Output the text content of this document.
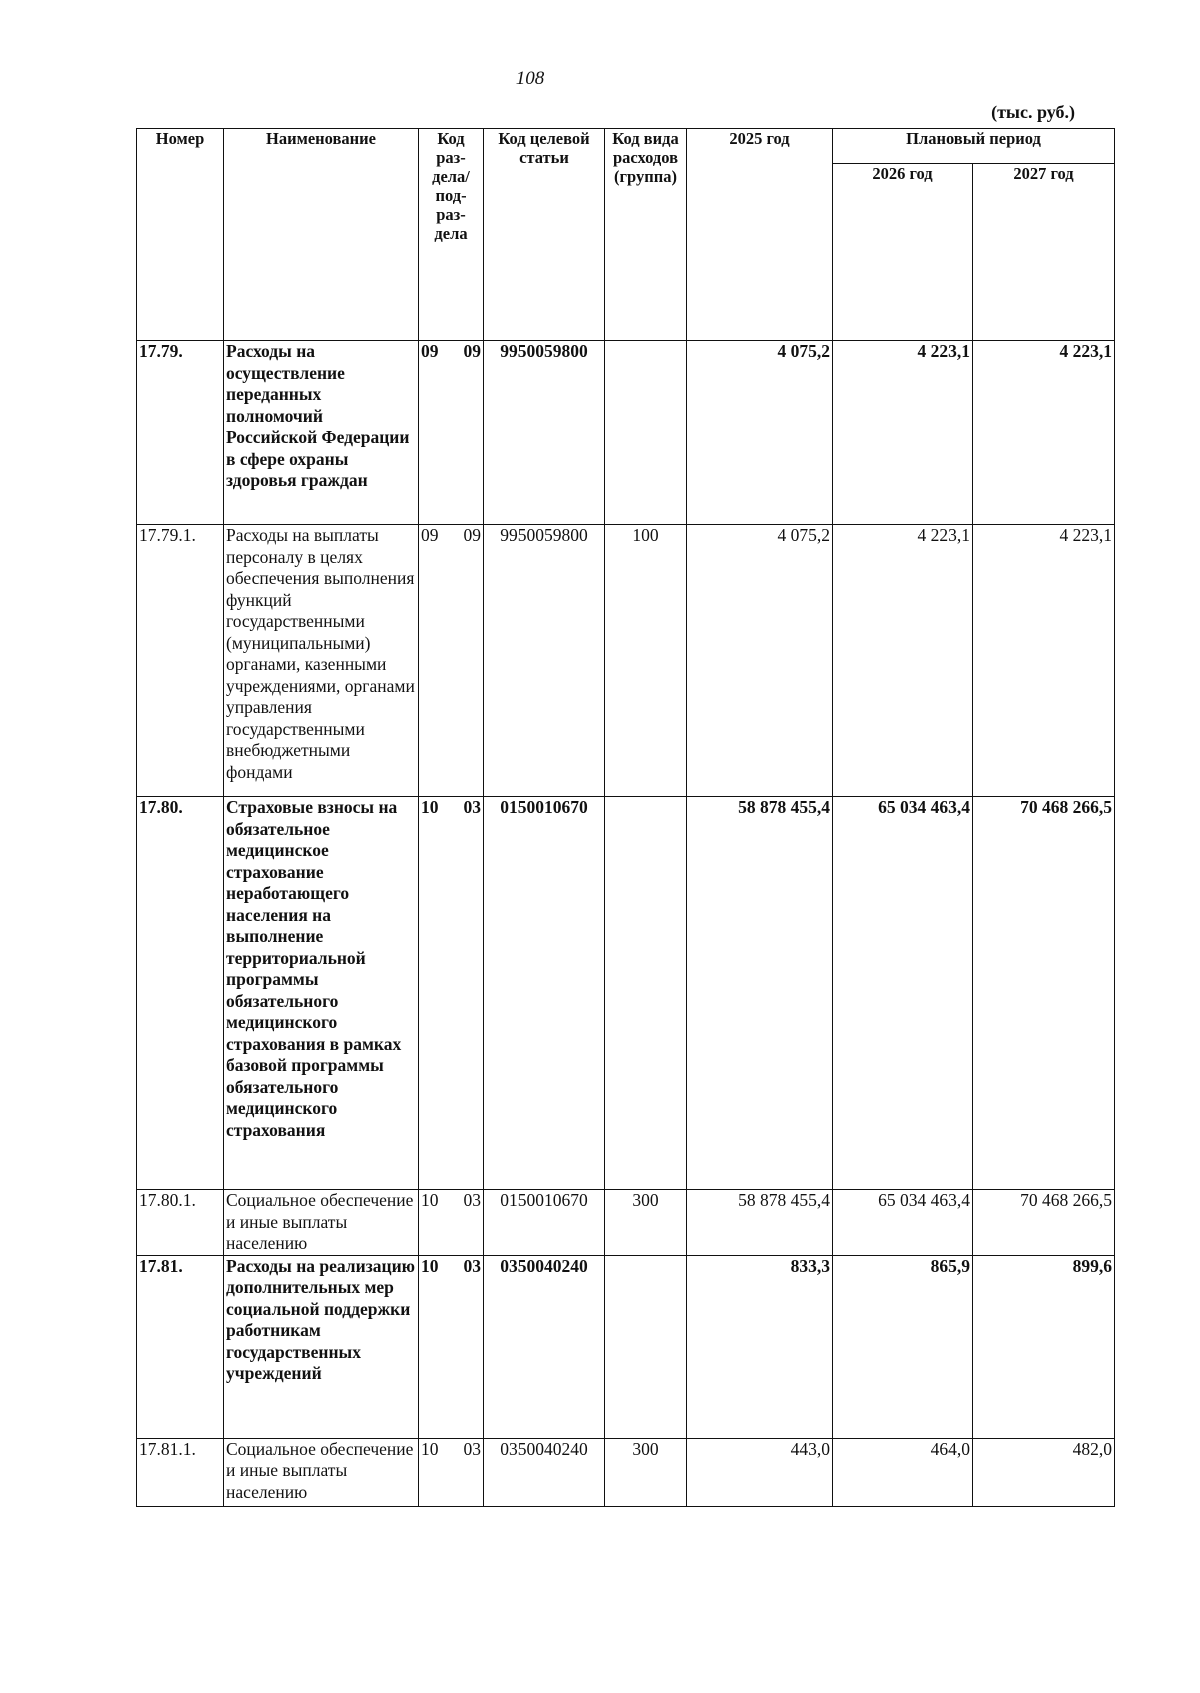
108
(тыс. руб.)
Номер	Наименование	Код раз-дела/ под-раз-дела	Код целевой статьи	Код вида расходов (группа)	2025 год	Плановый период	
						2026 год	2027 год
17.79.	Расходы на осуществление переданных полномочий Российской Федерации в сфере охраны здоровья граждан	09 09	9950059800		4 075,2	4 223,1	4 223,1
17.79.1.	Расходы на выплаты персоналу в целях обеспечения выполнения функций государственными (муниципальными) органами, казенными учреждениями, органами управления государственными внебюджетными фондами	09 09	9950059800	100	4 075,2	4 223,1	4 223,1
17.80.	Страховые взносы на обязательное медицинское страхование неработающего населения на выполнение территориальной программы обязательного медицинского страхования в рамках базовой программы обязательного медицинского страхования	10 03	0150010670		58 878 455,4	65 034 463,4	70 468 266,5
17.80.1.	Социальное обеспечение и иные выплаты населению	10 03	0150010670	300	58 878 455,4	65 034 463,4	70 468 266,5
17.81.	Расходы на реализацию дополнительных мер социальной поддержки работникам государственных учреждений	10 03	0350040240		833,3	865,9	899,6
17.81.1.	Социальное обеспечение и иные выплаты населению	10 03	0350040240	300	443,0	464,0	482,0
